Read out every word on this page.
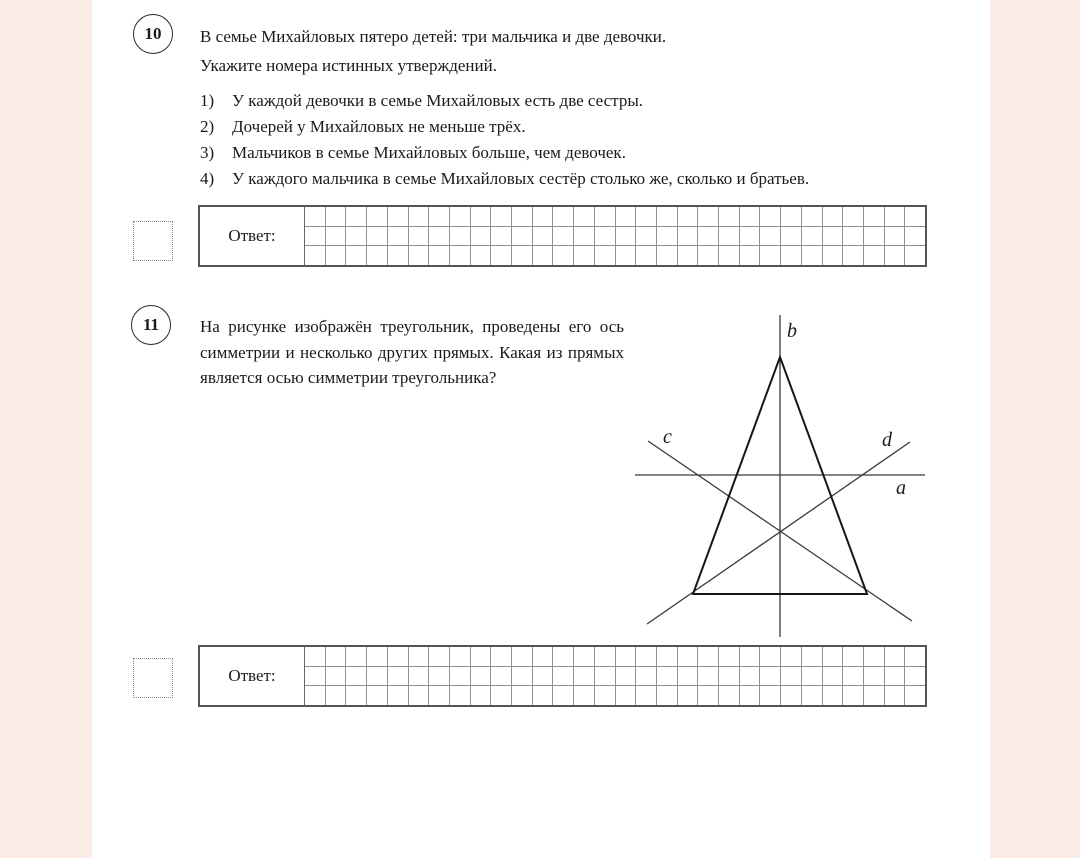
10 В семье Михайловых пятеро детей: три мальчика и две девочки.
Укажите номера истинных утверждений.
1)	У каждой девочки в семье Михайловых есть две сестры.
2)	Дочерей у Михайловых не меньше трёх.
3)	Мальчиков в семье Михайловых больше, чем девочек.
4)	У каждого мальчика в семье Михайловых сестёр столько же, сколько и братьев.
Ответ:
11 На рисунке изображён треугольник, проведены его ось симметрии и несколько других прямых. Какая из прямых является осью симметрии треугольника?
b
a
c	d
Ответ:
